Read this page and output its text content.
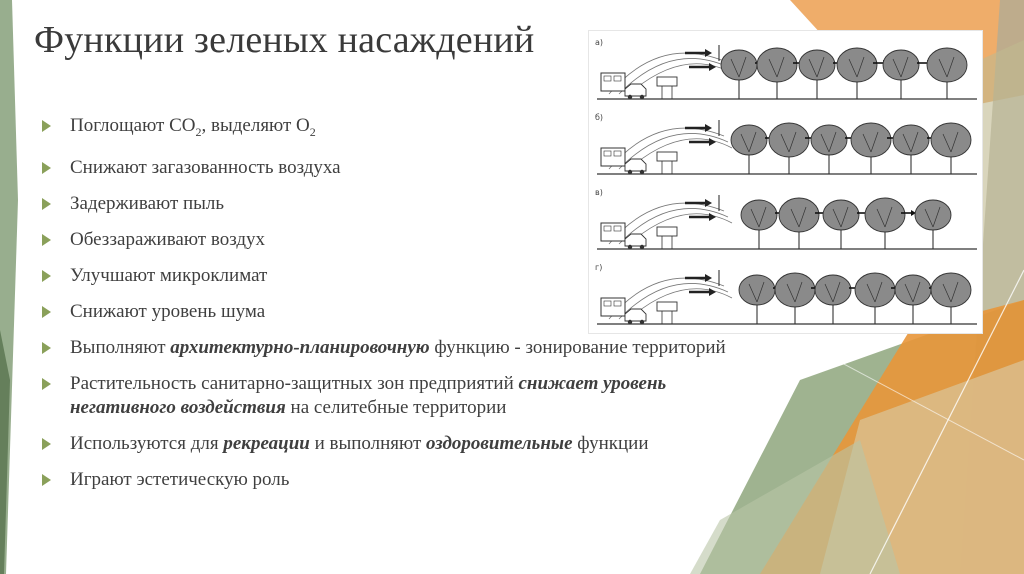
Функции зеленых насаждений
Поглощают $CO_2$, выделяют $O_2$
Снижают загазованность воздуха
Задерживают пыль
Обеззараживают воздух
Улучшают микроклимат
Снижают уровень шума
Выполняют архитектурно-планировочную функцию - зонирование территорий
Растительность санитарно-защитных зон предприятий снижает уровень негативного воздействия на селитебные территории
Используются для рекреации и выполняют оздоровительные функции
Играют эстетическую роль
а)
б)
в)
г)
